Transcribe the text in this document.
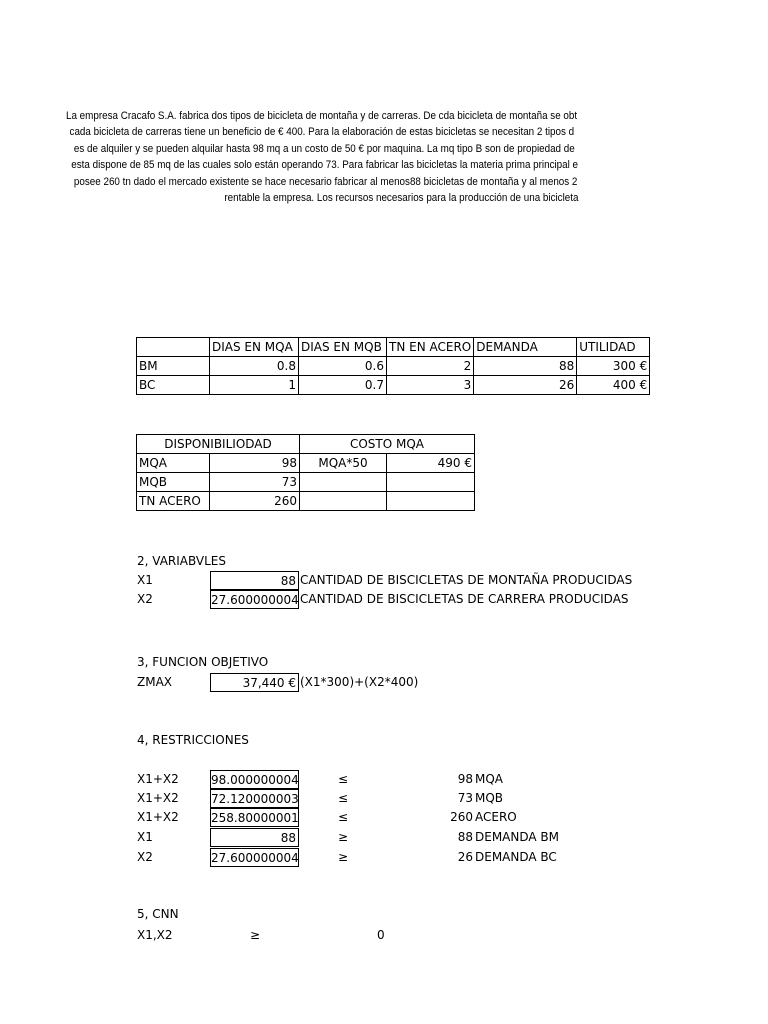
La empresa Cracafo S.A. fabrica dos tipos de bicicleta de montaña y de carreras. De cda bicicleta de montaña se obt
cada bicicleta de carreras tiene un beneficio de € 400. Para la elaboración de estas bicicletas se necesitan 2 tipos d
es de alquiler y se pueden alquilar hasta 98 mq a un costo de 50 € por maquina. La mq tipo B son de propiedad de
esta dispone de 85 mq de las cuales solo están operando 73. Para fabricar las bicicletas la materia prima principal e
posee 260 tn dado el mercado existente se hace necesario fabricar al menos88 bicicletas de montaña y al menos 2
rentable la empresa. Los recursos necesarios para la producción de una bicicleta
	DIAS EN MQA	DIAS EN MQB	TN EN ACERO	DEMANDA	UTILIDAD
BM	0.8	0.6	2	88	300 €
BC	1	0.7	3	26	400 €
DISPONIBILIODAD		COSTO MQA	
MQA	98	MQA*50	490 €
MQB	73		
TN ACERO	260		
2, VARIABVLES
X1	88 CANTIDAD DE BISCICLETAS DE MONTAÑA PRODUCIDAS
X2	27.600000004 CANTIDAD DE BISCICLETAS DE CARRERA PRODUCIDAS
3, FUNCION OBJETIVO
ZMAX	37,440 € (X1*300)+(X2*400)
4, RESTRICCIONES
X1+X2	98.000000004	≤	98 MQA
X1+X2	72.120000003	≤	73 MQB
X1+X2	258.80000001	≤	260 ACERO
X1	88	≥	88 DEMANDA BM
X2	27.600000004	≥	26 DEMANDA BC
5, CNN
X1,X2	≥	0
